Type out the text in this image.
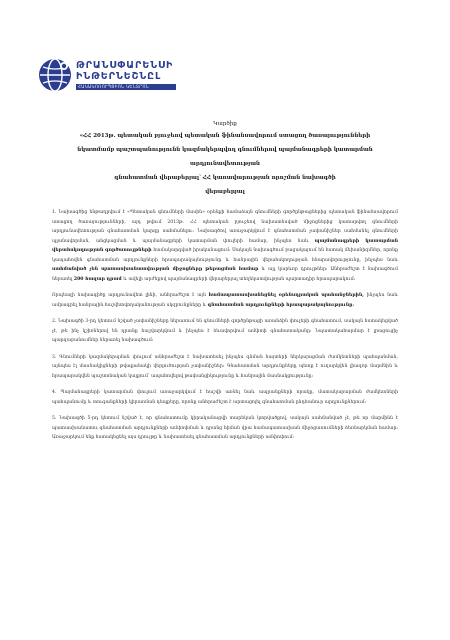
ԹՐԱՆՍՓԱՐԵՆՍԻ
ԻՆԹԵՐՆԵՇՆԸԼ
ՀԱԿԱԿՈՌՈՒՊՑԻՈՆ ԿԵՆՏՐՈՆ
Կարծիք
«ՀՀ 2013թ. պետական բյուջեով պետական ֆինանսավորում ստացող ծառայությունների
նկատմամբ պաշտպանությունն կազմակերպվող գնումներով պայմանագրերի կատարման արդյունավետության
գնահատման վերաբերյալ՝ ՀՀ կառավարության որոշման նախագծի
վերաբերյալ

1. Նախագծից ենթադրվում է «Պետական գնումների մասին» օրենքի համաձայն գնումների գործընթացներից պետական ֆինանսավորում ստացող ծառայությունների, այդ թվում 2013թ. ՀՀ պետական բյուջեով նախատեսված միջոցներից կատարվող գնումների արդյունավետության գնահատման կարգը սահմանելու։ Նախագծով առաջարկվում է գնահատման չափանիշներ սահմանել գնումների պլանավորման, անցկացման և պայմանագրերի կատարման փուլերի համար, ինչպես նաև պայմանագրերի կատարման վերահսկողության գործառույթների համակարգված իրականացում։ Սակայն նախագծում բացակայում են հստակ մեխանիզմներ, որոնք կապահովեն գնահատման արդյունքների հրապարակայնությունը և հանրային վերահսկողության հնարավորությունը, ինչպես նաև սահմանված չեն պատասխանատվության միջոցները թերացման համար և այլ կարևոր դրույթներ։ Անհրաժեշտ է նախագծում ներառել 200 հազար դրամ և ավելի արժեքով պայմանագրերի վերաբերյալ տեղեկատվության պարտադիր հրապարակում։

Որպեսզի նախագիծը արդյունավետ լինի, անհրաժեշտ է այն համապատասխանեցնել օրենսդրական պահանջներին, ինչպես նաև ամրագրել հանրային հաշվետվողականության սկզբունքները և գնահատման արդյունքների հրապարակայնությունը։

2. Նախագծի 3-րդ կետում նշված չափանիշները ներառում են գնումների գործընթացի առանձին փուլերի գնահատում, սակայն հստակեցված չէ, թե ինչ կշիռներով են դրանք հաշվարկվում և ինչպես է ձևավորվում ամփոփ գնահատականը։ Նպատակահարմար է լրացուցիչ պարզաբանումներ ներառել նախագծում։

3. Գնումների կազմակերպման փուլում անհրաժեշտ է նախատեսել ինչպես գնման հայտերի ներկայացման ժամկետների պահպանման, այնպես էլ մասնակիցների թվաքանակի վերլուծության չափանիշներ։ Գնահատման արդյունքները պետք է ուղարկվեն լիազոր մարմնին և հրապարակվեն պաշտոնական կայքում՝ ապահովելով թափանցիկությունը և հանրային մասնակցությունը։

4. Պայմանագրերի կատարման փուլում առաջարկվում է հաշվի առնել նաև ապրանքների որակը, մատակարարման ժամկետների պահպանումը և տուգանքների կիրառման դեպքերը, որոնք անհրաժեշտ է արտացոլել գնահատման ընդհանուր արդյունքներում։

5. Նախագծի 5-րդ կետում նշված է, որ գնահատումը կիրականացվի տարեկան կտրվածքով, սակայն սահմանված չէ, թե որ մարմինն է պատասխանատու գնահատման արդյունքների ամփոփման և դրանց հիման վրա համապատասխան միջոցառումների ձեռնարկման համար։ Առաջարկում ենք հստակեցնել այս դրույթը և նախատեսել գնահատման արդյունքների ամփոփում։
